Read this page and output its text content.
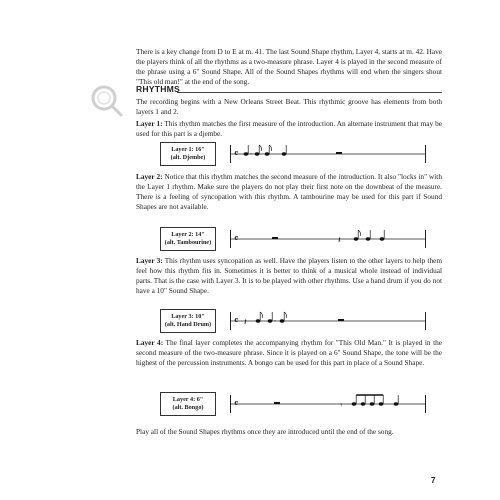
There is a key change from D to E at m. 41. The last Sound Shape rhythm, Layer 4, starts at m. 42. Have the players think of all the rhythms as a two-measure phrase. Layer 4 is played in the second measure of the phrase using a 6" Sound Shape. All of the Sound Shapes rhythms will end when the singers shout "This old man!" at the end of the song.

RHYTHMS

The recording begins with a New Orleans Street Beat. This rhythmic groove has elements from both layers 1 and 2.

Layer 1: This rhythm matches the first measure of the introduction. An alternate instrument that may be used for this part is a djembe.

Layer 1: 16"
(alt. Djembe)	𝄴 ·

Layer 2: Notice that this rhythm matches the second measure of the introduction. It also "locks in" with the Layer 1 rhythm. Make sure the players do not play their first note on the downbeat of the measure. There is a feeling of syncopation with this rhythm. A tambourine may be used for this part if Sound Shapes are not available.

Layer 2: 14"
(alt. Tambourine)	𝄴	𝄽

Layer 3: This rhythm uses syncopation as well. Have the players listen to the other layers to help them feel how this rhythm fits in. Sometimes it is better to think of a musical whole instead of individual parts. That is the case with Layer 3. It is to be played with other rhythms. Use a hand drum if you do not have a 10" Sound Shape.

Layer 3: 10"
(alt. Hand Drum)	𝄴 𝄽	·

Layer 4: The final layer completes the accompanying rhythm for "This Old Man." It is played in the second measure of the two-measure phrase. Since it is played on a 6" Sound Shape, the tone will be the highest of the percussion instruments. A bongo can be used for this part in place of a Sound Shape.

Layer 4: 6"
(alt. Bongo)	𝄴	𝄾

Play all of the Sound Shapes rhythms once they are introduced until the end of the song.

7
